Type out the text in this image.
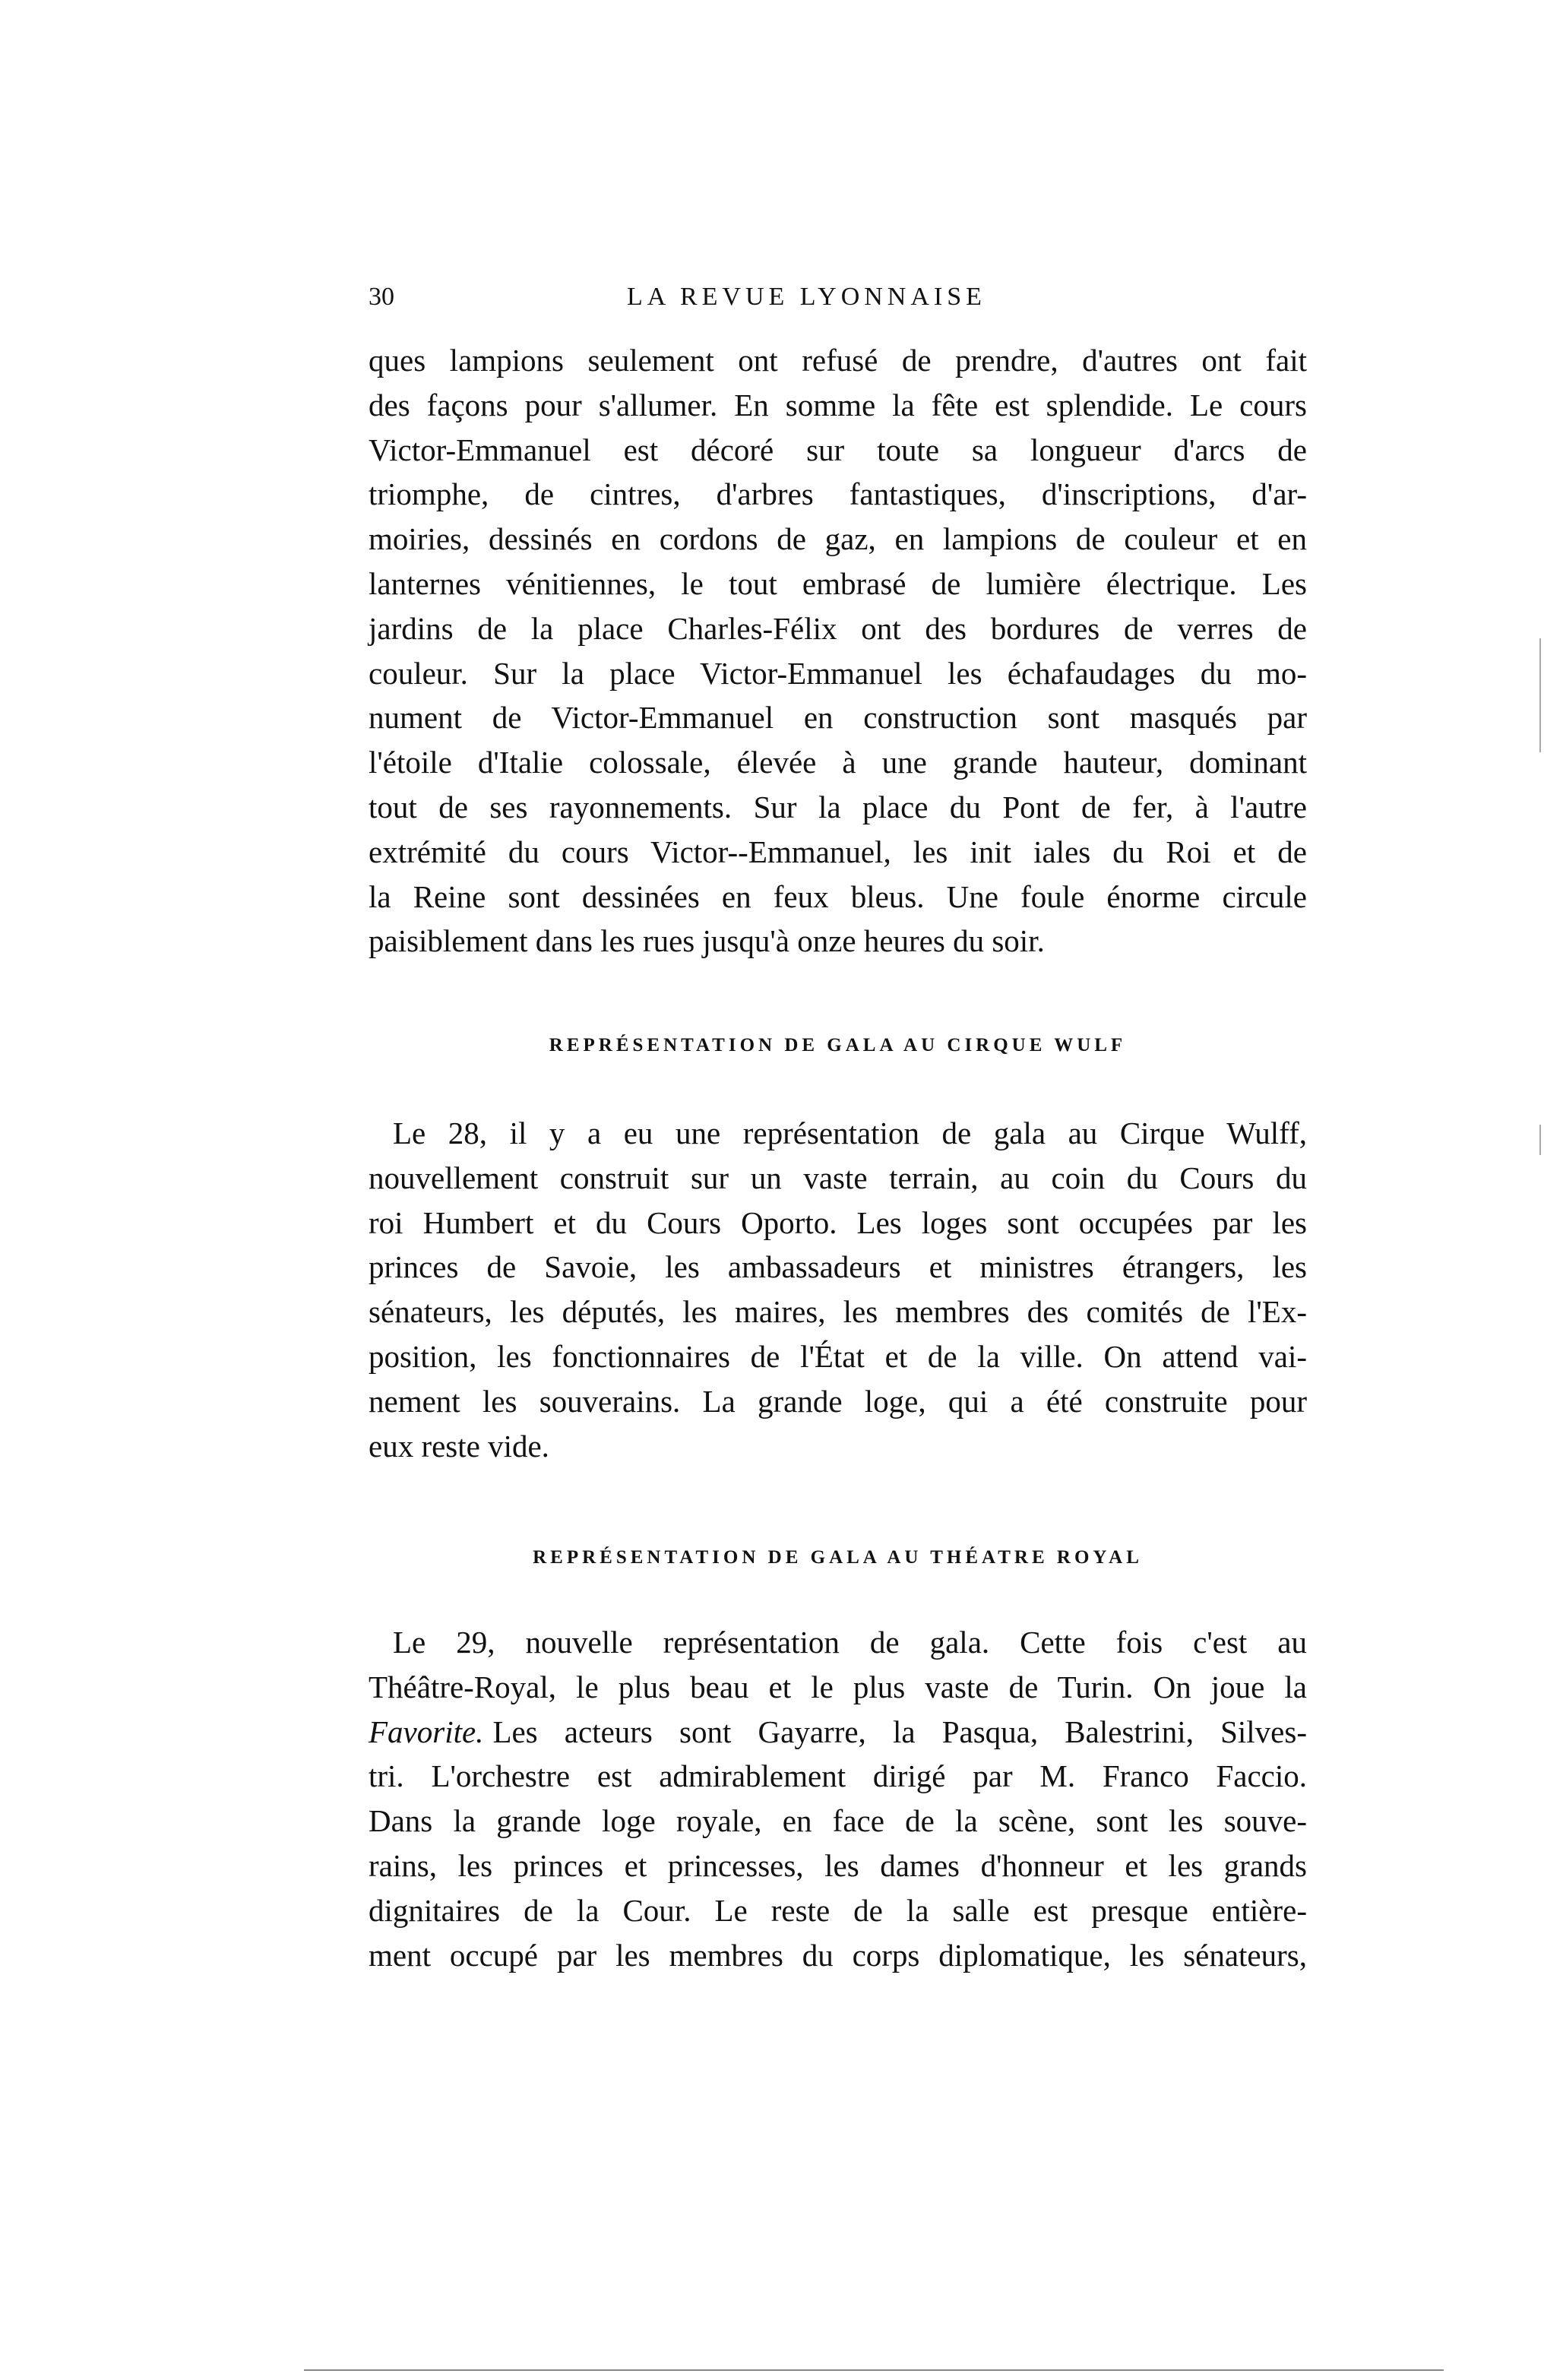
30	LA REVUE LYONNAISE
ques lampions seulement ont refusé de prendre, d'autres ont fait
des façons pour s'allumer. En somme la fête est splendide. Le cours
Victor-Emmanuel est décoré sur toute sa longueur d'arcs de
triomphe, de cintres, d'arbres fantastiques, d'inscriptions, d'ar-
moiries, dessinés en cordons de gaz, en lampions de couleur et en
lanternes vénitiennes, le tout embrasé de lumière électrique. Les
jardins de la place Charles-Félix ont des bordures de verres de
couleur. Sur la place Victor-Emmanuel les échafaudages du mo-
nument de Victor-Emmanuel en construction sont masqués par
l'étoile d'Italie colossale, élevée à une grande hauteur, dominant
tout de ses rayonnements. Sur la place du Pont de fer, à l'autre
extrémité du cours Victor--Emmanuel, les init iales du Roi et de
la Reine sont dessinées en feux bleus. Une foule énorme circule
paisiblement dans les rues jusqu'à onze heures du soir.
REPRÉSENTATION DE GALA AU CIRQUE WULF
Le 28, il y a eu une représentation de gala au Cirque Wulff,
nouvellement construit sur un vaste terrain, au coin du Cours du
roi Humbert et du Cours Oporto. Les loges sont occupées par les
princes de Savoie, les ambassadeurs et ministres étrangers, les
sénateurs, les députés, les maires, les membres des comités de l'Ex-
position, les fonctionnaires de l'État et de la ville. On attend vai-
nement les souverains. La grande loge, qui a été construite pour
eux reste vide.
REPRÉSENTATION DE GALA AU THÉATRE ROYAL
Le 29, nouvelle représentation de gala. Cette fois c'est au
Théâtre-Royal, le plus beau et le plus vaste de Turin. On joue la
Favorite. Les acteurs sont Gayarre, la Pasqua, Balestrini, Silves-
tri. L'orchestre est admirablement dirigé par M. Franco Faccio.
Dans la grande loge royale, en face de la scène, sont les souve-
rains, les princes et princesses, les dames d'honneur et les grands
dignitaires de la Cour. Le reste de la salle est presque entière-
ment occupé par les membres du corps diplomatique, les sénateurs,
